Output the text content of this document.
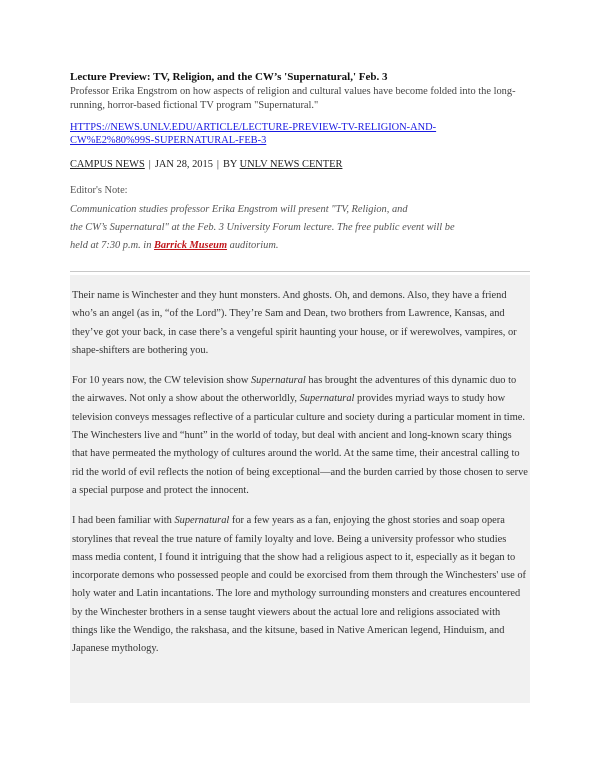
Lecture Preview: TV, Religion, and the CW’s 'Supernatural,' Feb. 3
Professor Erika Engstrom on how aspects of religion and cultural values have become folded into the long-running, horror-based fictional TV program "Supernatural."
HTTPS://NEWS.UNLV.EDU/ARTICLE/LECTURE-PREVIEW-TV-RELIGION-AND-
CW%E2%80%99S-SUPERNATURAL-FEB-3
CAMPUS NEWS | JAN 28, 2015 | BY UNLV NEWS CENTER
Editor's Note:
Communication studies professor Erika Engstrom will present "TV, Religion, and
the CW’s Supernatural" at the Feb. 3 University Forum lecture. The free public event will be
held at 7:30 p.m. in Barrick Museum auditorium.

Their name is Winchester and they hunt monsters. And ghosts. Oh, and demons. Also, they have a friend who’s an angel (as in, “of the Lord”). They’re Sam and Dean, two brothers from Lawrence, Kansas, and they’ve got your back, in case there’s a vengeful spirit haunting your house, or if werewolves, vampires, or shape-shifters are bothering you.

For 10 years now, the CW television show Supernatural has brought the adventures of this dynamic duo to the airwaves. Not only a show about the otherworldly, Supernatural provides myriad ways to study how television conveys messages reflective of a particular culture and society during a particular moment in time. The Winchesters live and “hunt” in the world of today, but deal with ancient and long-known scary things that have permeated the mythology of cultures around the world. At the same time, their ancestral calling to rid the world of evil reflects the notion of being exceptional—and the burden carried by those chosen to serve a special purpose and protect the innocent.

I had been familiar with Supernatural for a few years as a fan, enjoying the ghost stories and soap opera storylines that reveal the true nature of family loyalty and love. Being a university professor who studies mass media content, I found it intriguing that the show had a religious aspect to it, especially as it began to incorporate demons who possessed people and could be exorcised from them through the Winchesters' use of holy water and Latin incantations. The lore and mythology surrounding monsters and creatures encountered by the Winchester brothers in a sense taught viewers about the actual lore and religions associated with things like the Wendigo, the rakshasa, and the kitsune, based in Native American legend, Hinduism, and Japanese mythology.
